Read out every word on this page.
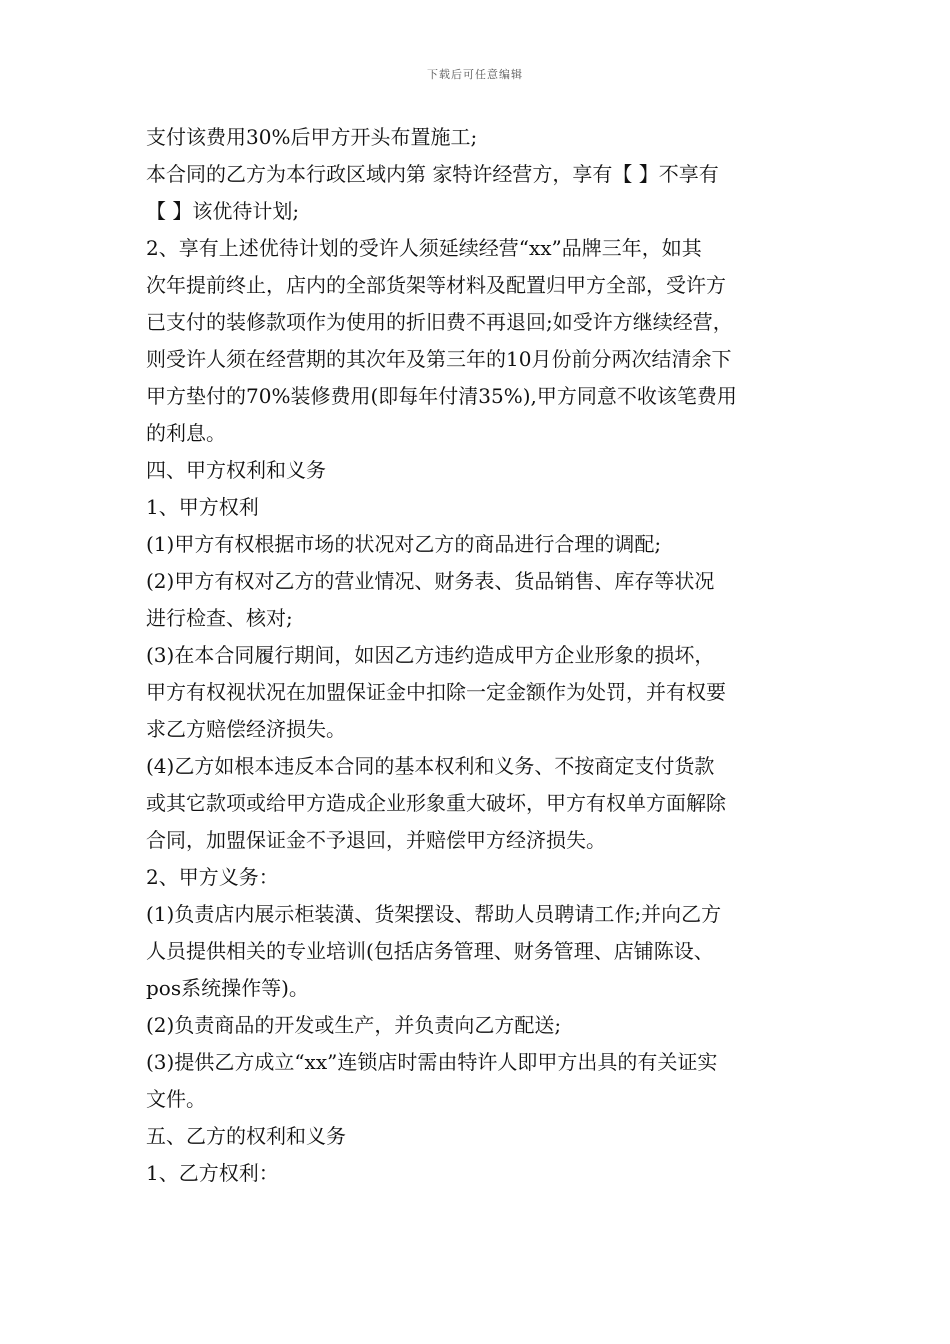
下载后可任意编辑
支付该费用30%后甲方开头布置施工;
本合同的乙方为本行政区域内第 家特许经营方，享有【 】不享有
【 】该优待计划;
2、享有上述优待计划的受许人须延续经营“xx”品牌三年，如其
次年提前终止，店内的全部货架等材料及配置归甲方全部，受许方
已支付的装修款项作为使用的折旧费不再退回;如受许方继续经营，
则受许人须在经营期的其次年及第三年的10月份前分两次结清余下
甲方垫付的70%装修费用(即每年付清35%),甲方同意不收该笔费用
的利息。
四、甲方权利和义务
1、甲方权利
(1)甲方有权根据市场的状况对乙方的商品进行合理的调配;
(2)甲方有权对乙方的营业情况、财务表、货品销售、库存等状况
进行检查、核对;
(3)在本合同履行期间，如因乙方违约造成甲方企业形象的损坏，
甲方有权视状况在加盟保证金中扣除一定金额作为处罚，并有权要
求乙方赔偿经济损失。
(4)乙方如根本违反本合同的基本权利和义务、不按商定支付货款
或其它款项或给甲方造成企业形象重大破坏，甲方有权单方面解除
合同，加盟保证金不予退回，并赔偿甲方经济损失。
2、甲方义务：
(1)负责店内展示柜装潢、货架摆设、帮助人员聘请工作;并向乙方
人员提供相关的专业培训(包括店务管理、财务管理、店铺陈设、
pos系统操作等)。
(2)负责商品的开发或生产，并负责向乙方配送;
(3)提供乙方成立“xx”连锁店时需由特许人即甲方出具的有关证实
文件。
五、乙方的权利和义务
1、乙方权利：
